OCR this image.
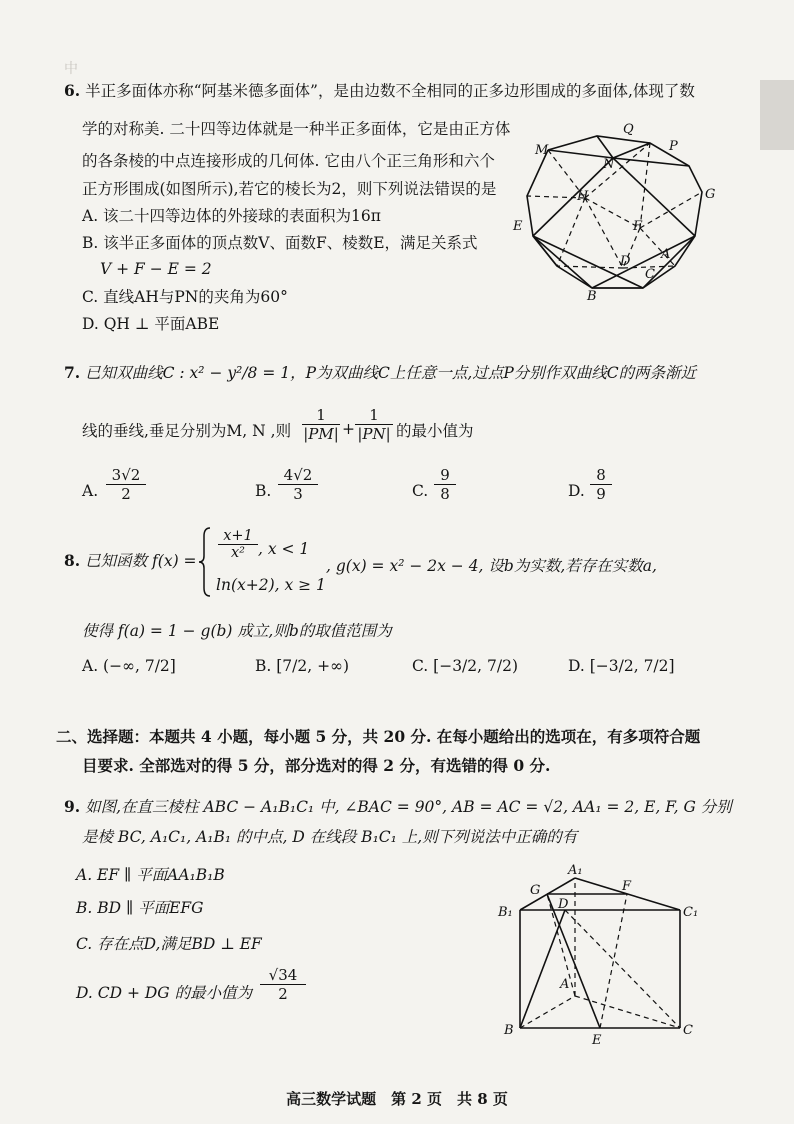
中　　　　　　　　　　　　　　　　　　　　　　　　　　　　　　　　　　　　　　
6. 半正多面体亦称“阿基米德多面体”，是由边数不全相同的正多边形围成的多面体,体现了数
学的对称美. 二十四等边体就是一种半正多面体，它是由正方体
的各条棱的中点连接形成的几何体. 它由八个正三角形和六个
正方形围成(如图所示),若它的棱长为2，则下列说法错误的是
A. 该二十四等边体的外接球的表面积为16π
B. 该半正多面体的顶点数V、面数F、棱数E，满足关系式
V + F − E = 2
C. 直线AH与PN的夹角为60°
D. QH ⊥ 平面ABE
M
N
Q
P
H	G
E	F
D A
B
C
7. 已知双曲线C : x² − y²/8 = 1，P为双曲线C上任意一点,过点P分别作双曲线C的两条渐近
线的垂线,垂足分别为M, N ,则
1
|PM| +
1
|PN| 的最小值为
A.
3√2
2	B.
4√2
3	C.
9
8	D.
8
9
8. 已知函数 f(x) =
x+1
x² , x < 1
ln(x+2), x ≥ 1
, g(x) = x² − 2x − 4, 设b为实数,若存在实数a,
使得 f(a) = 1 − g(b) 成立,则b的取值范围为
A. (−∞, 7/2]	B. [7/2, +∞)	C. [−3/2, 7/2)	D. [−3/2, 7/2]
二、选择题：本题共 4 小题，每小题 5 分，共 20 分. 在每小题给出的选项在，有多项符合题
目要求. 全部选对的得 5 分，部分选对的得 2 分，有选错的得 0 分.
9. 如图,在直三棱柱 ABC − A₁B₁C₁ 中, ∠BAC = 90°, AB = AC = √2, AA₁ = 2, E, F, G 分别
是棱 BC, A₁C₁, A₁B₁ 的中点, D 在线段 B₁C₁ 上,则下列说法中正确的有
A. EF ∥ 平面AA₁B₁B
B. BD ∥ 平面EFG
C. 存在点D,满足BD ⊥ EF
D. CD + DG 的最小值为
√34
2
A₁
G	F
B₁
D
C₁
A
B
E
C
高三数学试题　第 2 页　共 8 页
